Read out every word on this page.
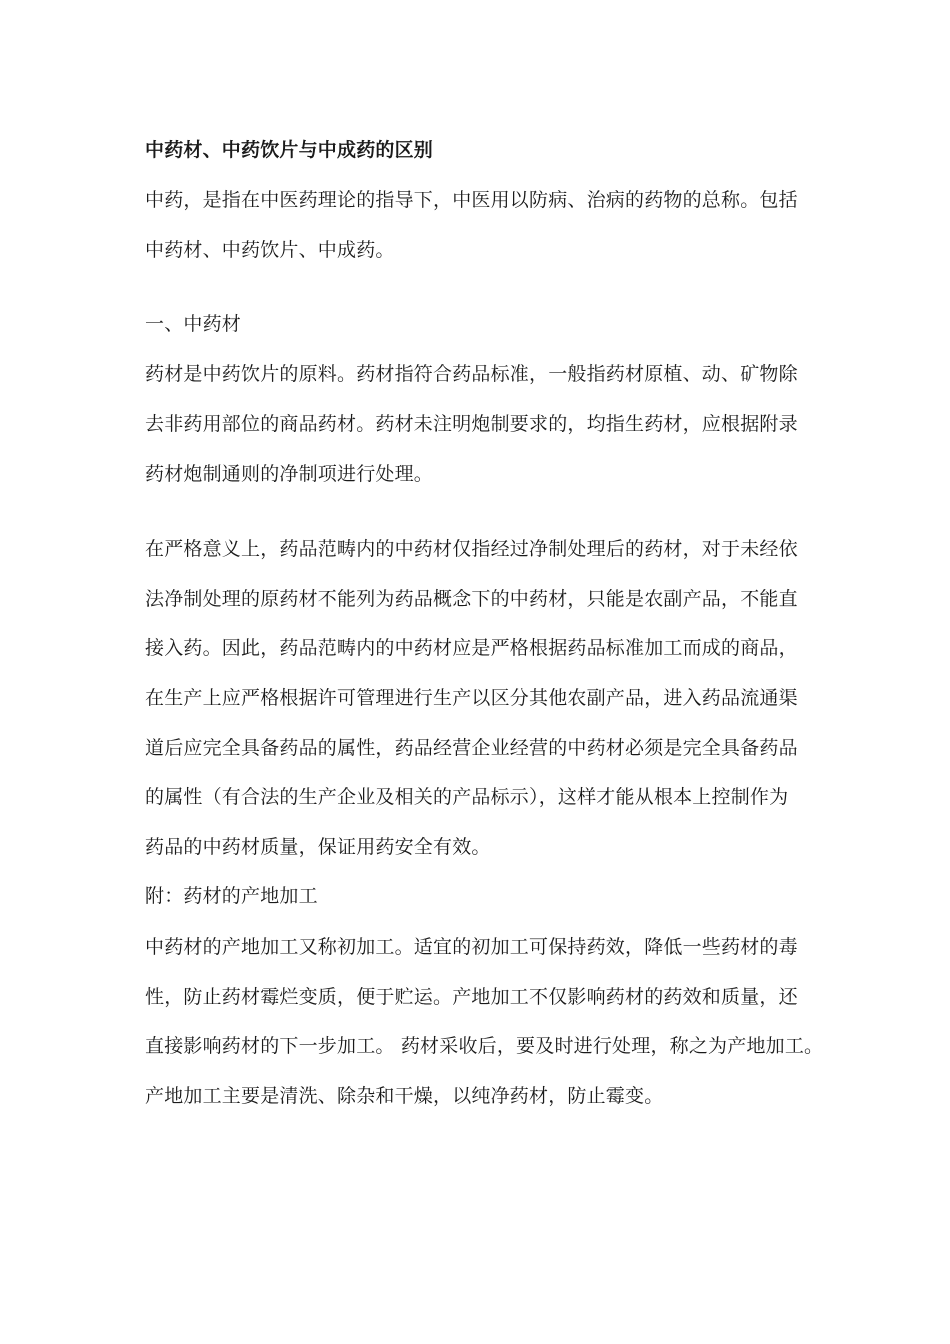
中药材、中药饮片与中成药的区别
中药，是指在中医药理论的指导下，中医用以防病、治病的药物的总称。包括
中药材、中药饮片、中成药。
一、中药材
药材是中药饮片的原料。药材指符合药品标准，一般指药材原植、动、矿物除
去非药用部位的商品药材。药材未注明炮制要求的，均指生药材，应根据附录
药材炮制通则的净制项进行处理。
在严格意义上，药品范畴内的中药材仅指经过净制处理后的药材，对于未经依
法净制处理的原药材不能列为药品概念下的中药材，只能是农副产品，不能直
接入药。因此，药品范畴内的中药材应是严格根据药品标准加工而成的商品，
在生产上应严格根据许可管理进行生产以区分其他农副产品，进入药品流通渠
道后应完全具备药品的属性，药品经营企业经营的中药材必须是完全具备药品
的属性（有合法的生产企业及相关的产品标示），这样才能从根本上控制作为
药品的中药材质量，保证用药安全有效。
附：药材的产地加工
中药材的产地加工又称初加工。适宜的初加工可保持药效，降低一些药材的毒
性，防止药材霉烂变质，便于贮运。产地加工不仅影响药材的药效和质量，还
直接影响药材的下一步加工。 药材采收后，要及时进行处理，称之为产地加工。
产地加工主要是清洗、除杂和干燥，以纯净药材，防止霉变。
